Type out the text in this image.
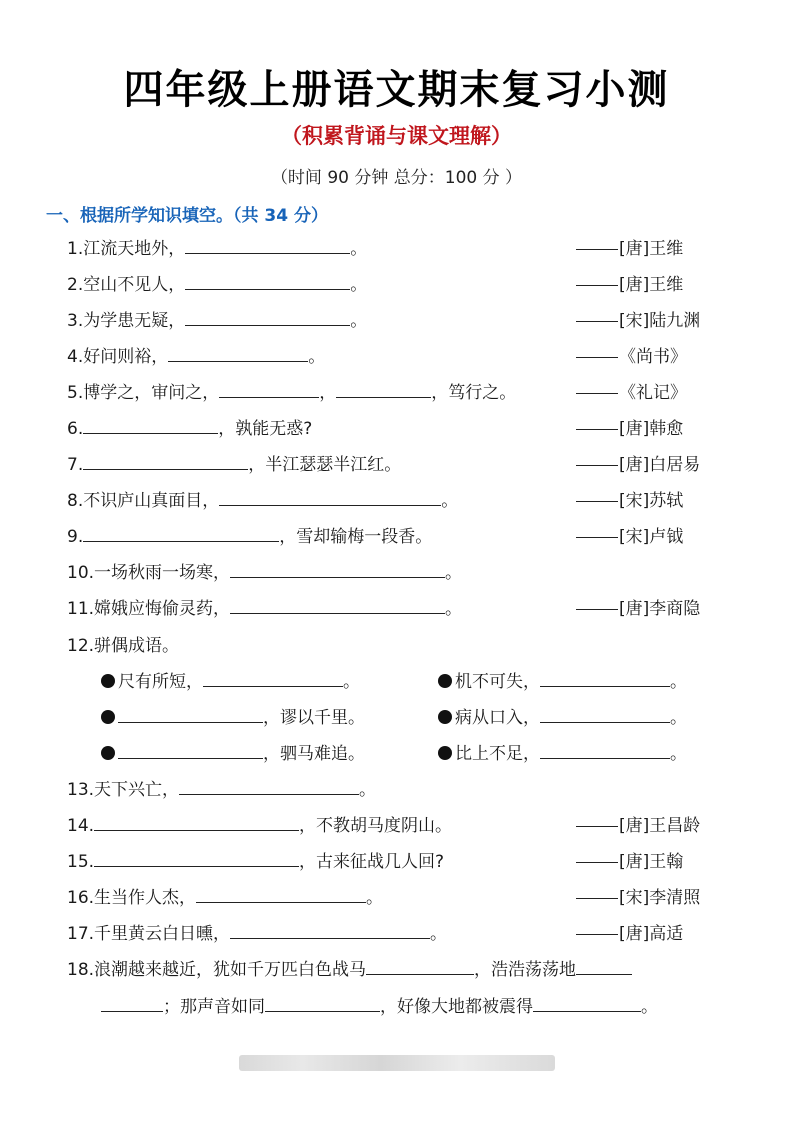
四年级上册语文期末复习小测
（积累背诵与课文理解）
（时间 90 分钟 总分：100 分 ）
一、根据所学知识填空。（共 34 分）
1.江流天地外，	。	[唐]王维
2.空山不见人，	。	[唐]王维
3.为学患无疑，	。	[宋]陆九渊
4.好问则裕，	。	《尚书》
5.博学之，审问之，	，	，笃行之。	《礼记》
6.	，孰能无惑?	[唐]韩愈
7.	，半江瑟瑟半江红。	[唐]白居易
8.不识庐山真面目，	。	[宋]苏轼
9.	，雪却输梅一段香。	[宋]卢钺
10.一场秋雨一场寒，	。
11.嫦娥应悔偷灵药，	。	[唐]李商隐
12.骈偶成语。
尺有所短，	。	机不可失，	。
，谬以千里。	病从口入，	。
，驷马难追。	比上不足，	。
13.天下兴亡，	。
14.	，不教胡马度阴山。	[唐]王昌龄
15.	，古来征战几人回?	[唐]王翰
16.生当作人杰，	。	[宋]李清照
17.千里黄云白日曛，	。	[唐]高适
18.浪潮越来越近，犹如千万匹白色战马	，浩浩荡荡地
；那声音如同	，好像大地都被震得	。
